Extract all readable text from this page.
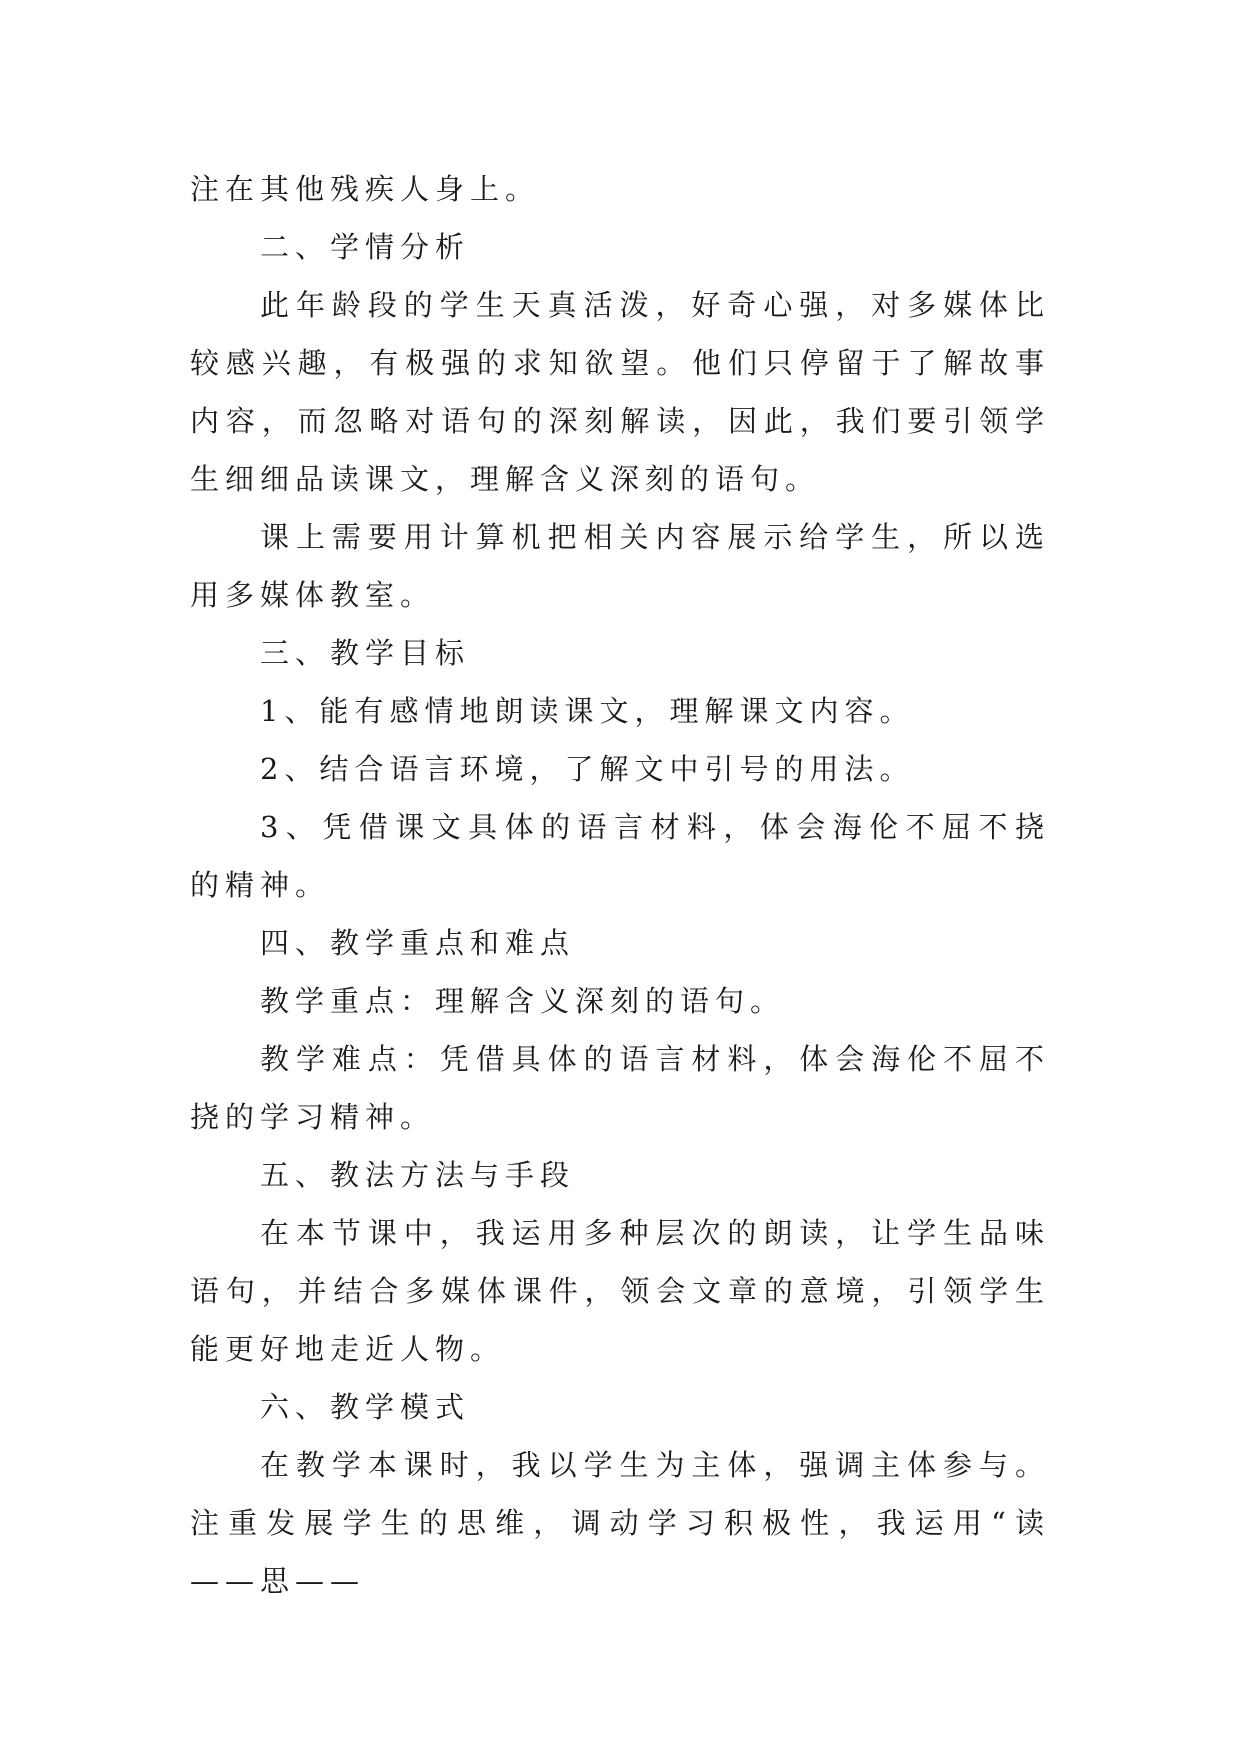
注在其他残疾人身上。

二、学情分析

此年龄段的学生天真活泼，好奇心强，对多媒体比较感兴趣，有极强的求知欲望。他们只停留于了解故事内容，而忽略对语句的深刻解读，因此，我们要引领学生细细品读课文，理解含义深刻的语句。

课上需要用计算机把相关内容展示给学生，所以选用多媒体教室。

三、教学目标

1、能有感情地朗读课文，理解课文内容。

2、结合语言环境，了解文中引号的用法。

3、凭借课文具体的语言材料，体会海伦不屈不挠的精神。

四、教学重点和难点

教学重点：理解含义深刻的语句。

教学难点：凭借具体的语言材料，体会海伦不屈不挠的学习精神。

五、教法方法与手段

在本节课中，我运用多种层次的朗读，让学生品味语句，并结合多媒体课件，领会文章的意境，引领学生能更好地走近人物。

六、教学模式

在教学本课时，我以学生为主体，强调主体参与。注重发展学生的思维，调动学习积极性，我运用“读——思——
